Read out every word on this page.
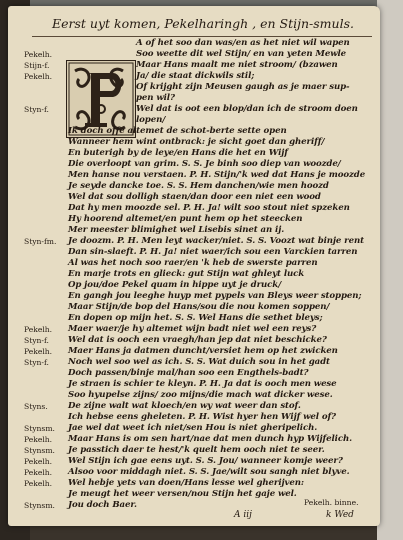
Eerst uyt komen, Pekelharingh , en Stijn-smuls.
A of het soo dan was/en as het niet wil wapen
Pekelh.	Soo weette dit wel Stijn/ en van yeten Mewle
Stijn-f.	Maar Hans maalt me niet stroom/ (bzawen
Pekelh.	Ja/ die staat dickwils stil;
Of krijght zijn Meusen gaugh as je maer sup-
pen wil?
Styn-f.	Wel dat is oot een blop/dan ich de stroom doen
lopen/
Ik doch offe altemet de schot-berte sette open
Wanneer hem wint ontbrack: je sicht goet dan gheriff/
En buterigh by de leye/en Hans die het en Wijf
Die overloopt van grim. S. S. Je binh soo diep van woozde/
Men hanse nou verstaen. P. H. Stijn/'k wed dat Hans je moozde
Je seyde dancke toe. S. S. Hem danchen/wie men hoozd
Wel dat sou dolligh staen/dan door een niet een wood
Dat hy men moozde sel. P. H. Ja! wilt soo stout niet spzeken
Hy hoorend altemet/en punt hem op het steecken
Mer meester blimighet wel Lisebis sinet an ij.
Styn-fm. Je doozm. P. H. Men leyt wacker/niet. S. S. Voozt wat binje rent
Dan sin-slaeft. P. H. Ja! niet waer/ich sou een Varckien tarren
Al was het noch soo raer/en 'k heb de swerste parren
En marje trots en glieck: gut Stijn wat ghleyt luck
Op jou/doe Pekel quam in hippe uyt je druck/
En gangh jou leeghe huyp met pypels van Bleys weer stoppen;
Maar Stijn/de bop del Hans/sou die nou komen soppen/
En dopen op mijn het. S. S. Wel Hans die sethet bleys;
Pekelh. Maer waer/je hy altemet wijn badt niet wel een reys?
Styn-f. Wel dat is ooch een vraegh/han jep dat niet beschicke?
Pekelh. Maer Hans ja datmen duncht/versiet hem op het zwicken
Styn-f. Noch wel soo wel as ich. S. S. Wat duich sou in het gadt
Doch passen/binje mal/han soo een Engthels-badt?
Je straen is schier te kleyn. P. H. Ja dat is ooch men wese
Soo hyupelse zijns/ zoo mijns/die mach wat dicker wese.
Styns. De zijne walt wat kloech/en wy wat weer dan stof.
Ich hebse eens gheleten. P. H. Wist hyer hen Wijf wel of?
Stynsm. Jae wel dat weet ich niet/sen Hou is niet gheripelich.
Pekelh. Maar Hans is om sen hart/nae dat men dunch hyp Wijfelich.
Stynsm. Je passtich daer te hest/'k quelt hem ooch niet te seer.
Pekelh. Wel Stijn ich gae eens uyt. S. S. Jou/ wanneer komje weer?
Pekelh. Alsoo voor middagh niet. S. S. Jae/wilt sou sangh niet blyve.
Pekelh. Wel hebje yets van doen/Hans lesse wel gherijven:
Je meugt het weer versen/nou Stijn het gaje wel.
Stynsm. Jou doch Baer.	Pekelh. binne.
A iij	k Wed
